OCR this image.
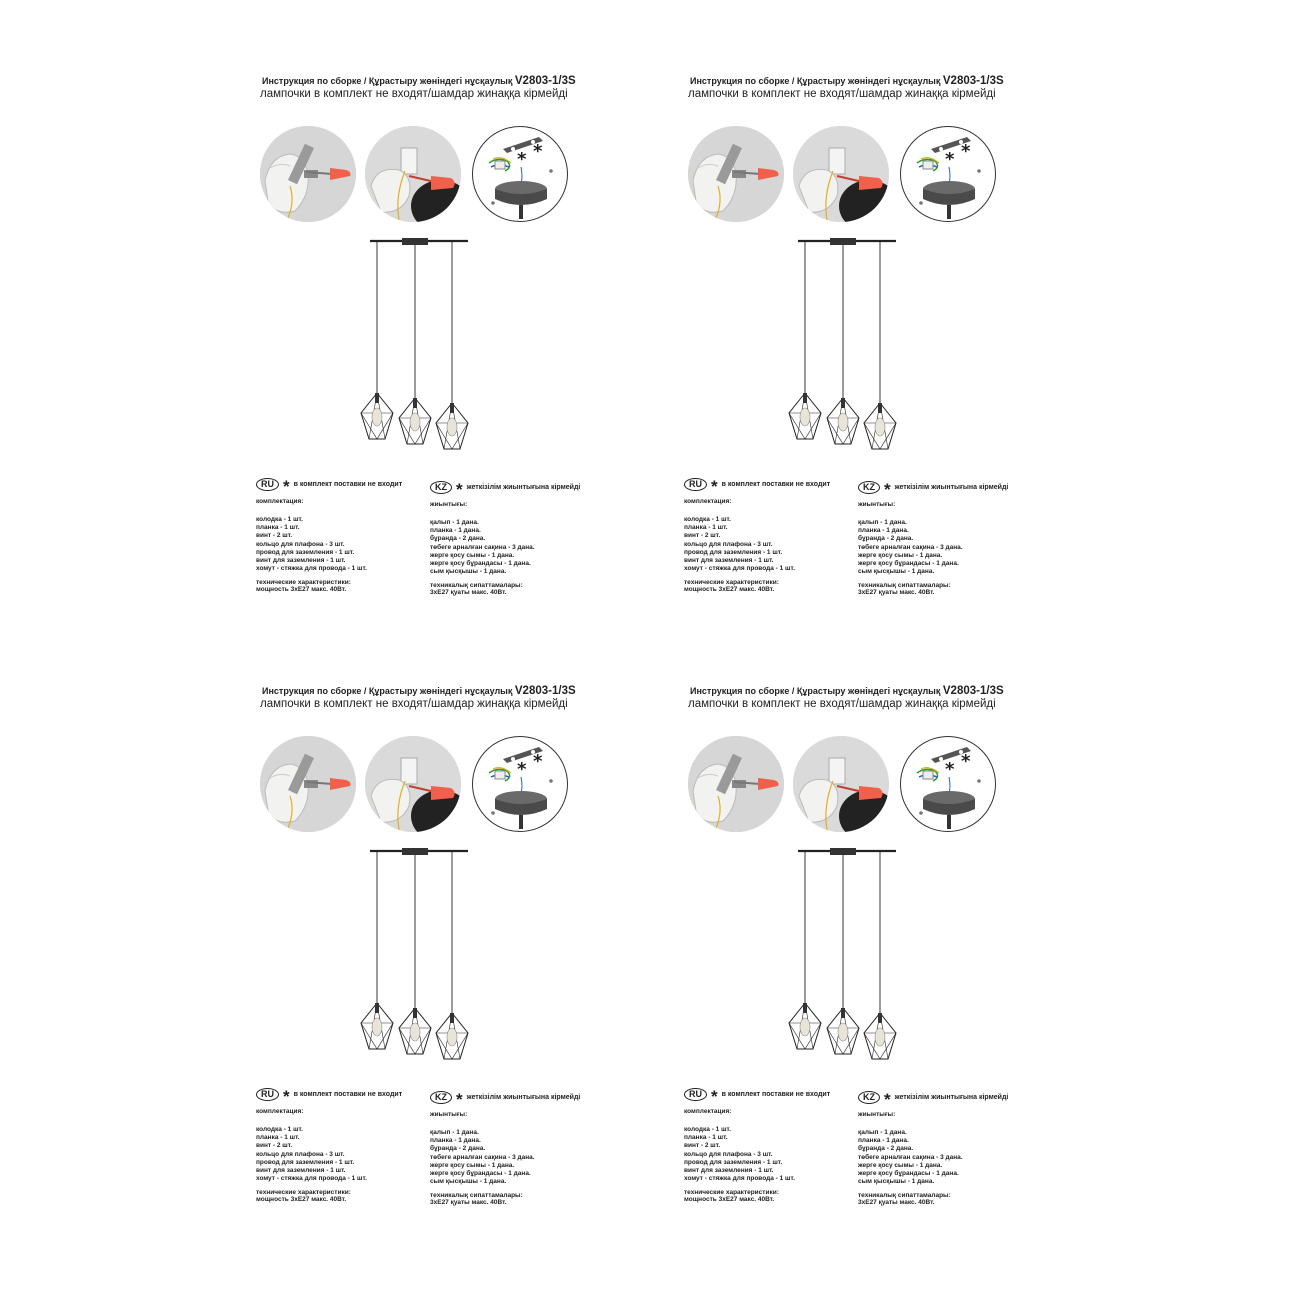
Инструкция по сборке / Құрастыру жөніндегі нұсқаулық V2803-1/3S
лампочки в комплект не входят/шамдар жинаққа кірмейді
* *
RU * в комплект поставки не входит
комплектация:
колодка - 1 шт.
планка - 1 шт.
винт - 2 шт.
кольцо для плафона - 3 шт.
провод для заземления - 1 шт.
винт для заземления - 1 шт.
хомут - стяжка для провода - 1 шт.
технические характеристики:
мощность 3xE27 макс. 40Вт.
KZ * жеткізілім жиынтығына кірмейді
жиынтығы:
қалып - 1 дана.
планка - 1 дана.
бұранда - 2 дана.
төбеге арналған сақина - 3 дана.
жерге қосу сымы - 1 дана.
жерге қосу бұрандасы - 1 дана.
сым қысқышы - 1 дана.
техникалық сипаттамалары:
3xE27 қуаты макс. 40Вт.
Инструкция по сборке / Құрастыру жөніндегі нұсқаулық V2803-1/3S
лампочки в комплект не входят/шамдар жинаққа кірмейді
* *
RU * в комплект поставки не входит
комплектация:
колодка - 1 шт.
планка - 1 шт.
винт - 2 шт.
кольцо для плафона - 3 шт.
провод для заземления - 1 шт.
винт для заземления - 1 шт.
хомут - стяжка для провода - 1 шт.
технические характеристики:
мощность 3xE27 макс. 40Вт.
KZ * жеткізілім жиынтығына кірмейді
жиынтығы:
қалып - 1 дана.
планка - 1 дана.
бұранда - 2 дана.
төбеге арналған сақина - 3 дана.
жерге қосу сымы - 1 дана.
жерге қосу бұрандасы - 1 дана.
сым қысқышы - 1 дана.
техникалық сипаттамалары:
3xE27 қуаты макс. 40Вт.
Инструкция по сборке / Құрастыру жөніндегі нұсқаулық V2803-1/3S
лампочки в комплект не входят/шамдар жинаққа кірмейді
* *
RU * в комплект поставки не входит
комплектация:
колодка - 1 шт.
планка - 1 шт.
винт - 2 шт.
кольцо для плафона - 3 шт.
провод для заземления - 1 шт.
винт для заземления - 1 шт.
хомут - стяжка для провода - 1 шт.
технические характеристики:
мощность 3xE27 макс. 40Вт.
KZ * жеткізілім жиынтығына кірмейді
жиынтығы:
қалып - 1 дана.
планка - 1 дана.
бұранда - 2 дана.
төбеге арналған сақина - 3 дана.
жерге қосу сымы - 1 дана.
жерге қосу бұрандасы - 1 дана.
сым қысқышы - 1 дана.
техникалық сипаттамалары:
3xE27 қуаты макс. 40Вт.
Инструкция по сборке / Құрастыру жөніндегі нұсқаулық V2803-1/3S
лампочки в комплект не входят/шамдар жинаққа кірмейді
* *
RU * в комплект поставки не входит
комплектация:
колодка - 1 шт.
планка - 1 шт.
винт - 2 шт.
кольцо для плафона - 3 шт.
провод для заземления - 1 шт.
винт для заземления - 1 шт.
хомут - стяжка для провода - 1 шт.
технические характеристики:
мощность 3xE27 макс. 40Вт.
KZ * жеткізілім жиынтығына кірмейді
жиынтығы:
қалып - 1 дана.
планка - 1 дана.
бұранда - 2 дана.
төбеге арналған сақина - 3 дана.
жерге қосу сымы - 1 дана.
жерге қосу бұрандасы - 1 дана.
сым қысқышы - 1 дана.
техникалық сипаттамалары:
3xE27 қуаты макс. 40Вт.
